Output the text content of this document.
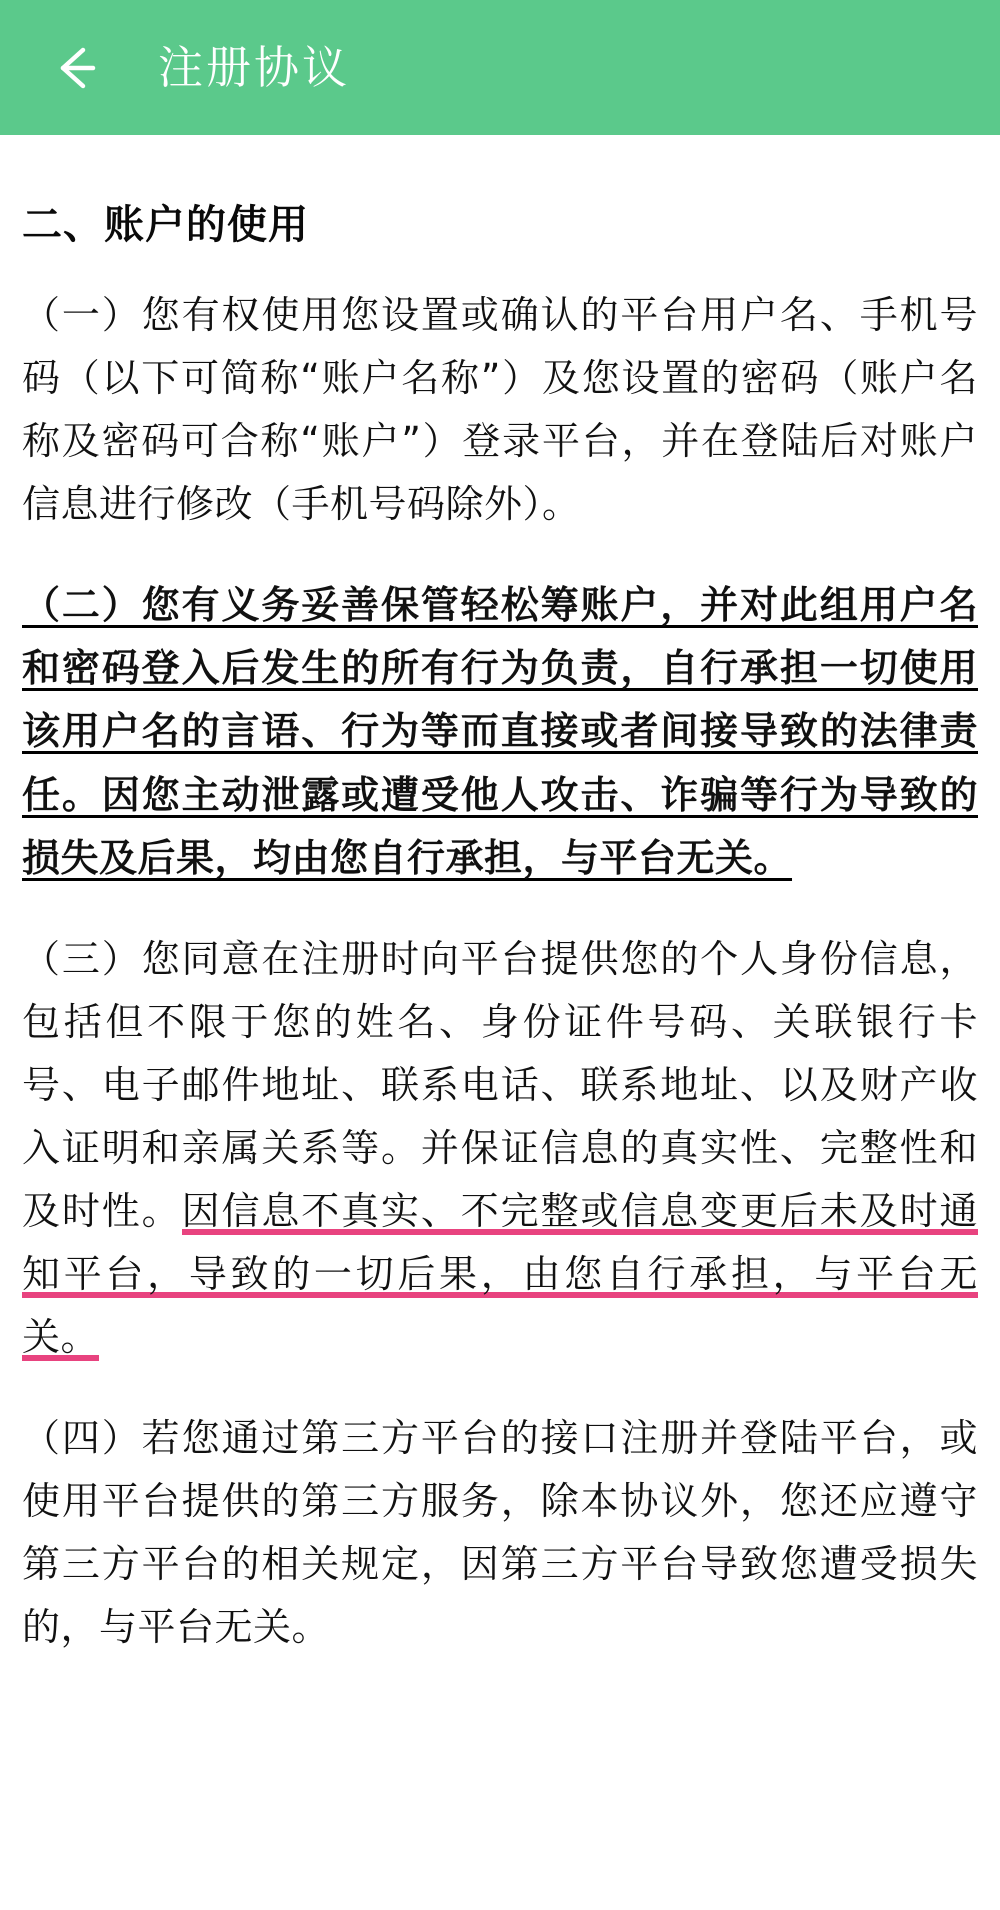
注册协议
二、账户的使用

（一）您有权使用您设置或确认的平台用户名、手机号码（以下可简称“账户名称”）及您设置的密码（账户名称及密码可合称“账户”）登录平台，并在登陆后对账户信息进行修改（手机号码除外）。

（二）您有义务妥善保管轻松筹账户，并对此组用户名和密码登入后发生的所有行为负责，自行承担一切使用该用户名的言语、行为等而直接或者间接导致的法律责任。因您主动泄露或遭受他人攻击、诈骗等行为导致的损失及后果，均由您自行承担，与平台无关。

（三）您同意在注册时向平台提供您的个人身份信息，包括但不限于您的姓名、身份证件号码、关联银行卡号、电子邮件地址、联系电话、联系地址、以及财产收入证明和亲属关系等。并保证信息的真实性、完整性和及时性。因信息不真实、不完整或信息变更后未及时通知平台，导致的一切后果，由您自行承担，与平台无关。

（四）若您通过第三方平台的接口注册并登陆平台，或使用平台提供的第三方服务，除本协议外，您还应遵守第三方平台的相关规定，因第三方平台导致您遭受损失的，与平台无关。
